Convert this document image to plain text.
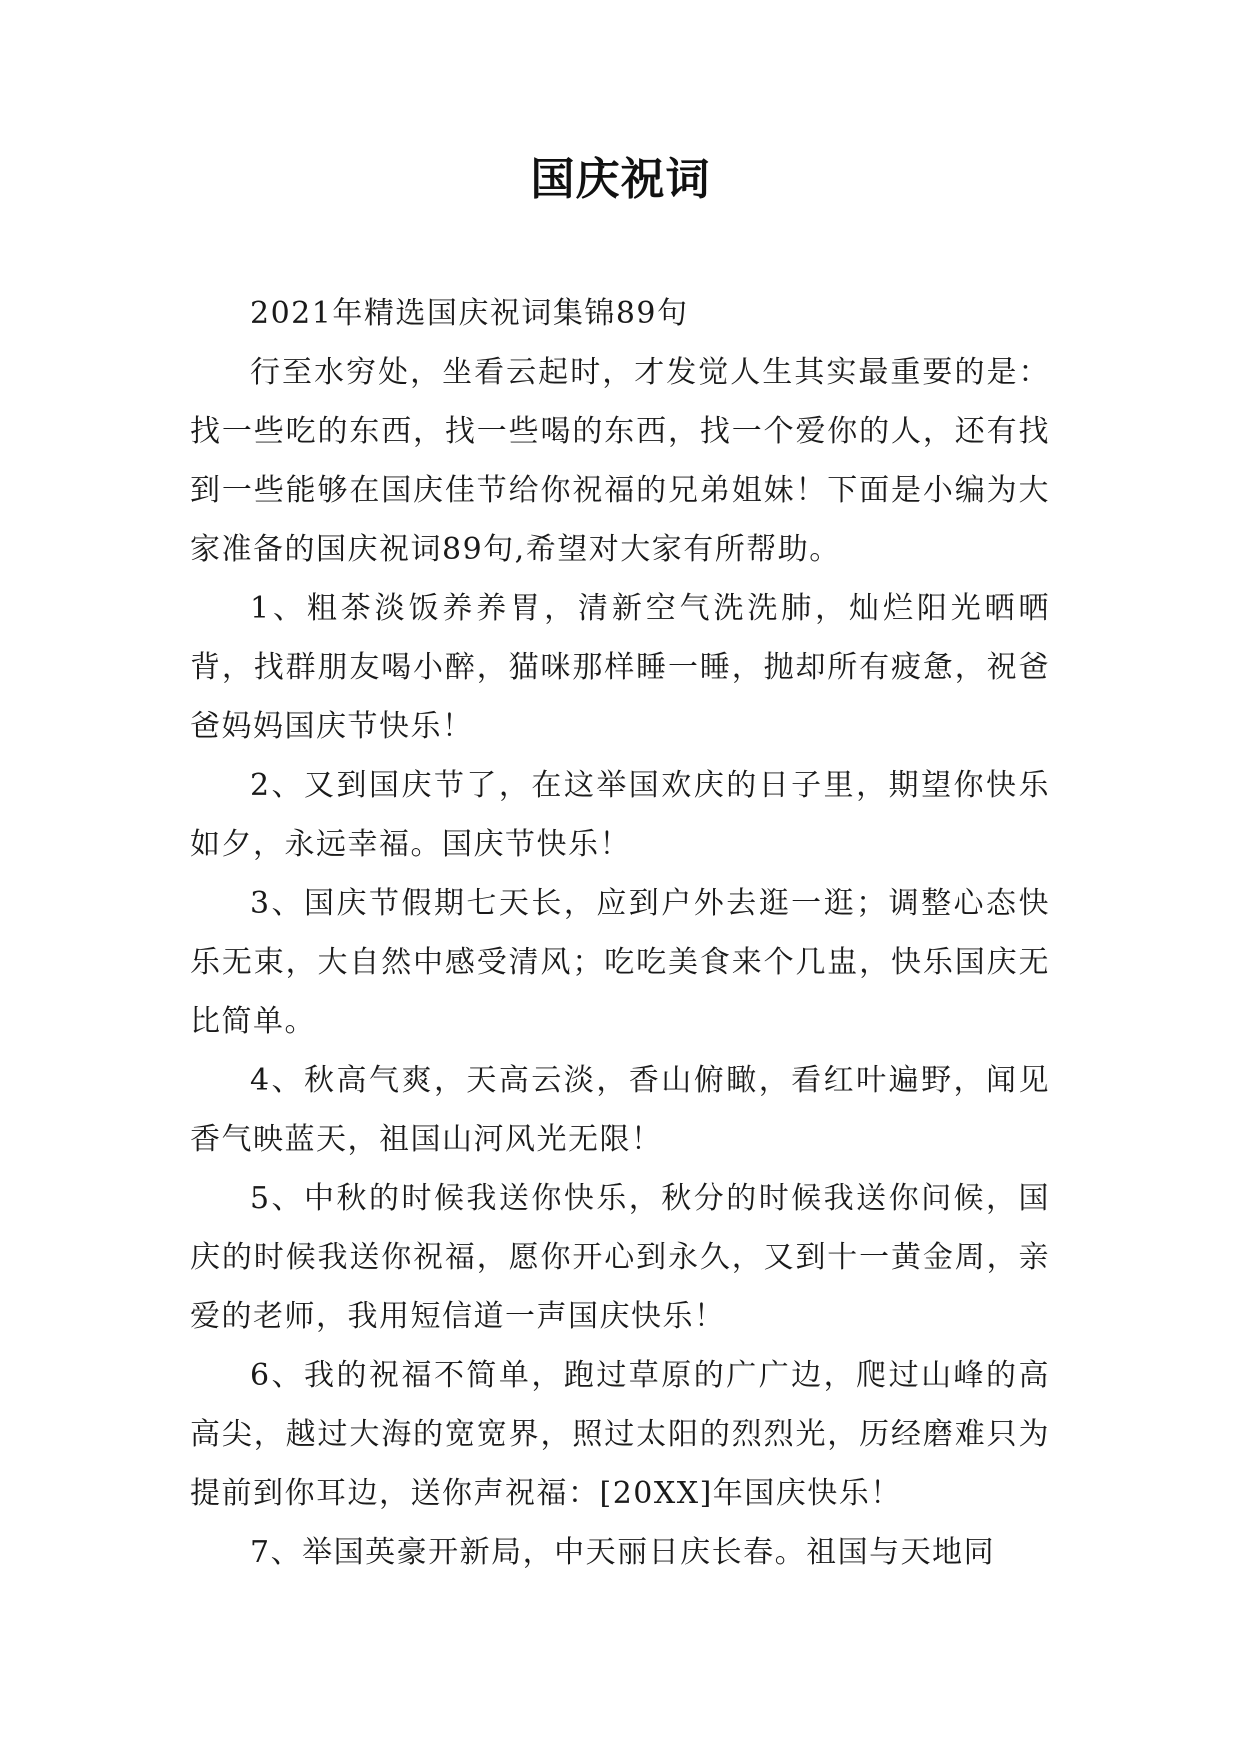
国庆祝词

2021年精选国庆祝词集锦89句

行至水穷处，坐看云起时，才发觉人生其实最重要的是：找一些吃的东西，找一些喝的东西，找一个爱你的人，还有找到一些能够在国庆佳节给你祝福的兄弟姐妹！下面是小编为大家准备的国庆祝词89句,希望对大家有所帮助。

1、粗茶淡饭养养胃，清新空气洗洗肺，灿烂阳光晒晒背，找群朋友喝小醉，猫咪那样睡一睡，抛却所有疲惫，祝爸爸妈妈国庆节快乐！

2、又到国庆节了，在这举国欢庆的日子里，期望你快乐如夕，永远幸福。国庆节快乐！

3、国庆节假期七天长，应到户外去逛一逛；调整心态快乐无束，大自然中感受清风；吃吃美食来个几盅，快乐国庆无比简单。

4、秋高气爽，天高云淡，香山俯瞰，看红叶遍野，闻见香气映蓝天，祖国山河风光无限！

5、中秋的时候我送你快乐，秋分的时候我送你问候，国庆的时候我送你祝福，愿你开心到永久，又到十一黄金周，亲爱的老师，我用短信道一声国庆快乐！

6、我的祝福不简单，跑过草原的广广边，爬过山峰的高高尖，越过大海的宽宽界，照过太阳的烈烈光，历经磨难只为提前到你耳边，送你声祝福：[20XX]年国庆快乐！

7、举国英豪开新局，中天丽日庆长春。祖国与天地同
